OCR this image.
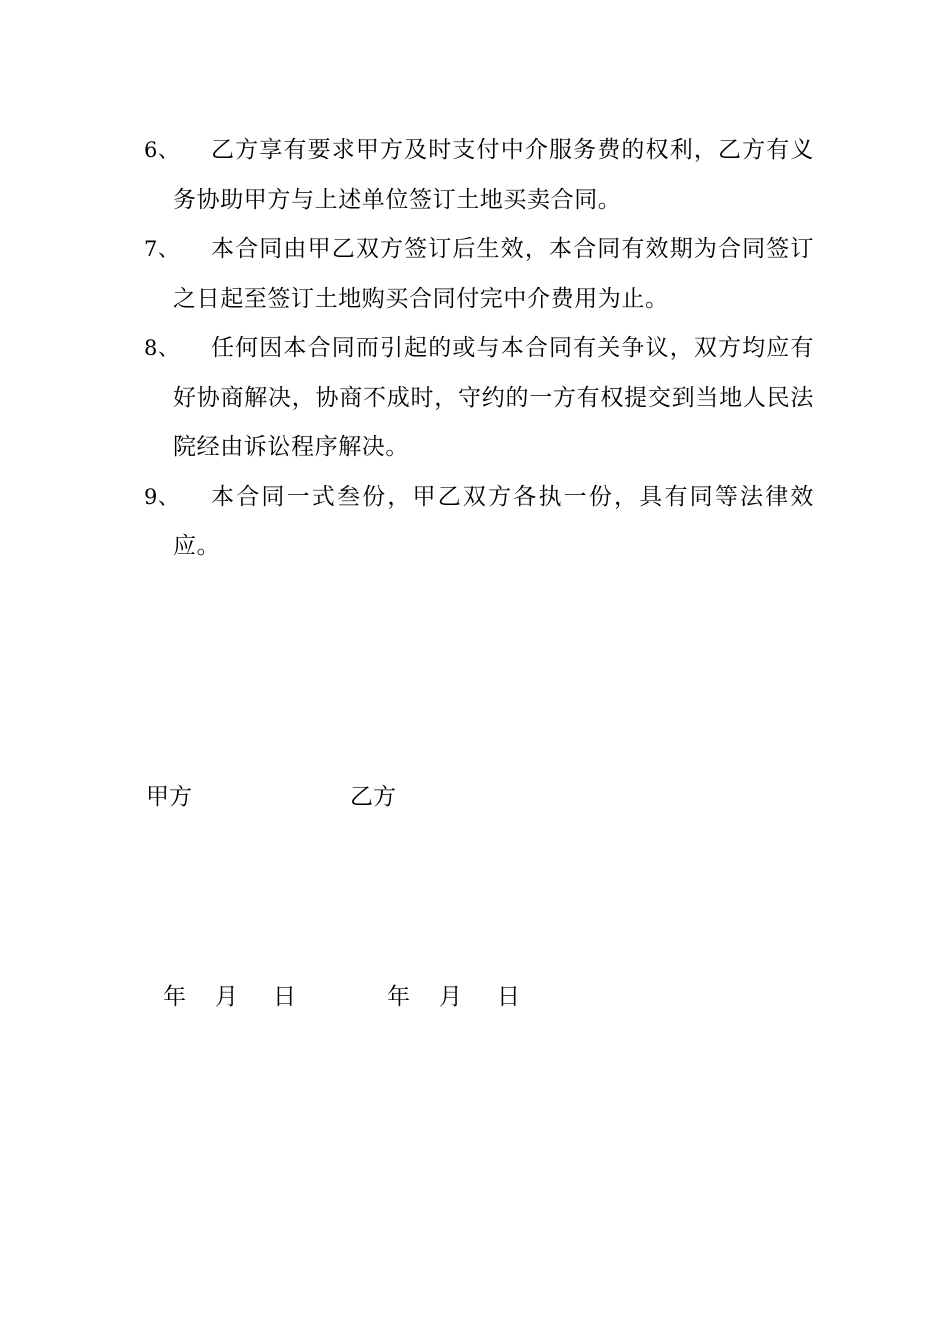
6、	乙方享有要求甲方及时支付中介服务费的权利，乙方有义务协助甲方与上述单位签订土地买卖合同。
7、	本合同由甲乙双方签订后生效，本合同有效期为合同签订之日起至签订土地购买合同付完中介费用为止。
8、	任何因本合同而引起的或与本合同有关争议，双方均应有好协商解决，协商不成时，守约的一方有权提交到当地人民法院经由诉讼程序解决。
9、	本合同一式叁份，甲乙双方各执一份，具有同等法律效应。
甲方	乙方
年 月 日	年 月 日
